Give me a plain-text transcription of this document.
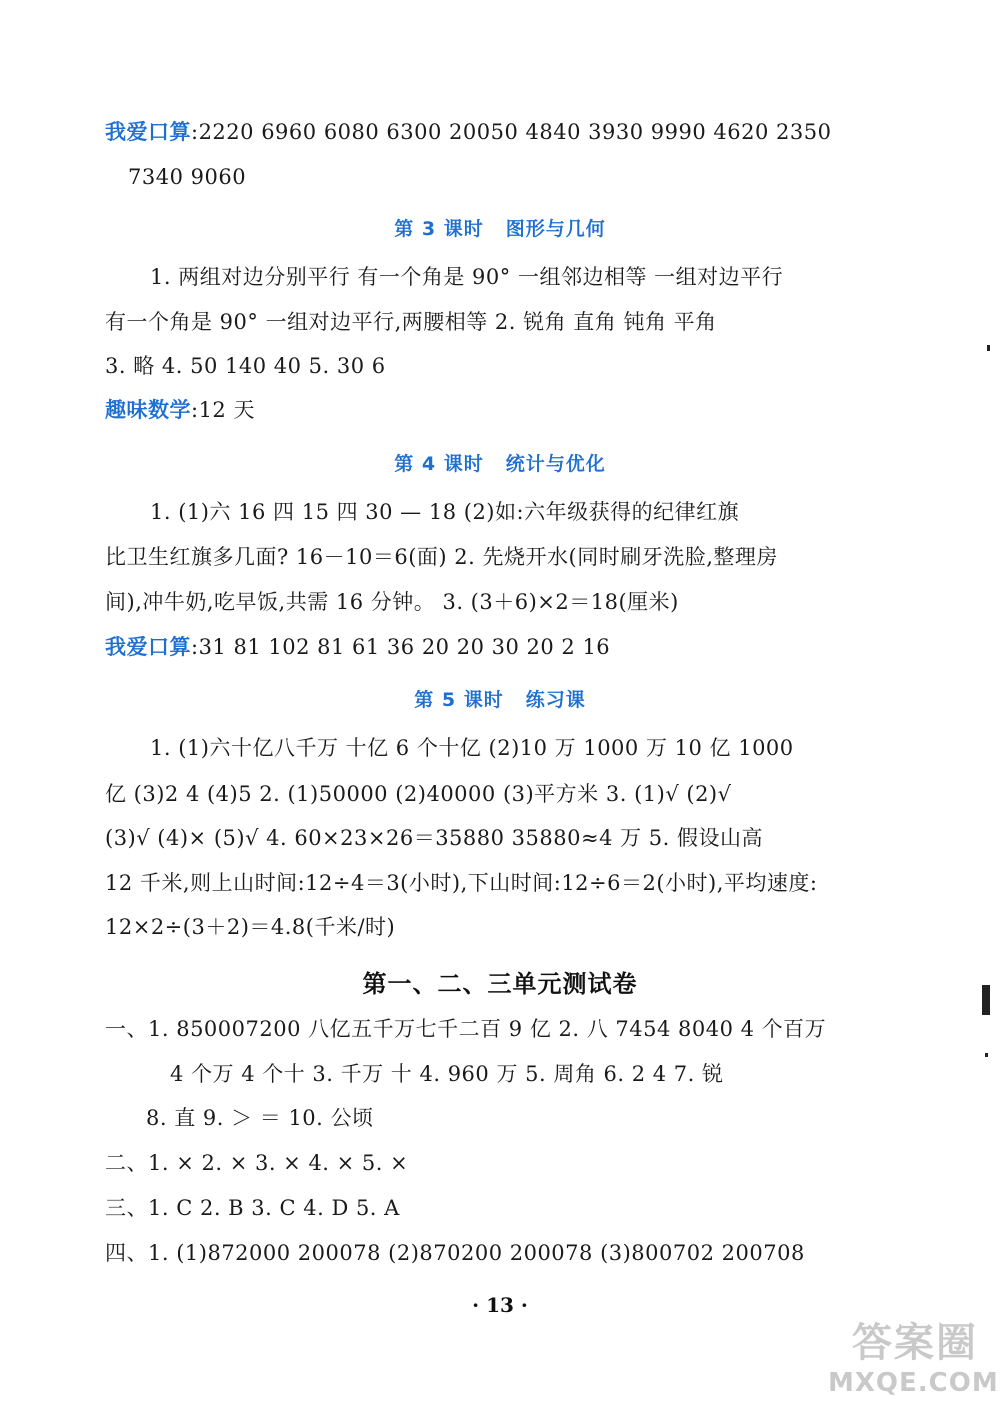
我爱口算:2220 6960 6080 6300 20050 4840 3930 9990 4620 2350
7340 9060
第 3 课时 图形与几何
1. 两组对边分别平行 有一个角是 90° 一组邻边相等 一组对边平行
有一个角是 90° 一组对边平行,两腰相等 2. 锐角 直角 钝角 平角
3. 略 4. 50 140 40 5. 30 6
趣味数学:12 天
第 4 课时 统计与优化
1. (1)六 16 四 15 四 30 — 18 (2)如:六年级获得的纪律红旗
比卫生红旗多几面? 16－10＝6(面) 2. 先烧开水(同时刷牙洗脸,整理房
间),冲牛奶,吃早饭,共需 16 分钟。 3. (3＋6)×2＝18(厘米)
我爱口算:31 81 102 81 61 36 20 20 30 20 2 16
第 5 课时 练习课
1. (1)六十亿八千万 十亿 6 个十亿 (2)10 万 1000 万 10 亿 1000
亿 (3)2 4 (4)5 2. (1)50000 (2)40000 (3)平方米 3. (1)√ (2)√
(3)√ (4)× (5)√ 4. 60×23×26＝35880 35880≈4 万 5. 假设山高
12 千米,则上山时间:12÷4＝3(小时),下山时间:12÷6＝2(小时),平均速度:
12×2÷(3＋2)＝4.8(千米/时)
第一、二、三单元测试卷
一、1. 850007200 八亿五千万七千二百 9 亿 2. 八 7454 8040 4 个百万
4 个万 4 个十 3. 千万 十 4. 960 万 5. 周角 6. 2 4 7. 锐
8. 直 9. ＞ ＝ 10. 公顷
二、1. × 2. × 3. × 4. × 5. ×
三、1. C 2. B 3. C 4. D 5. A
四、1. (1)872000 200078 (2)870200 200078 (3)800702 200708
· 13 ·
答案圈
MXQE.COM
